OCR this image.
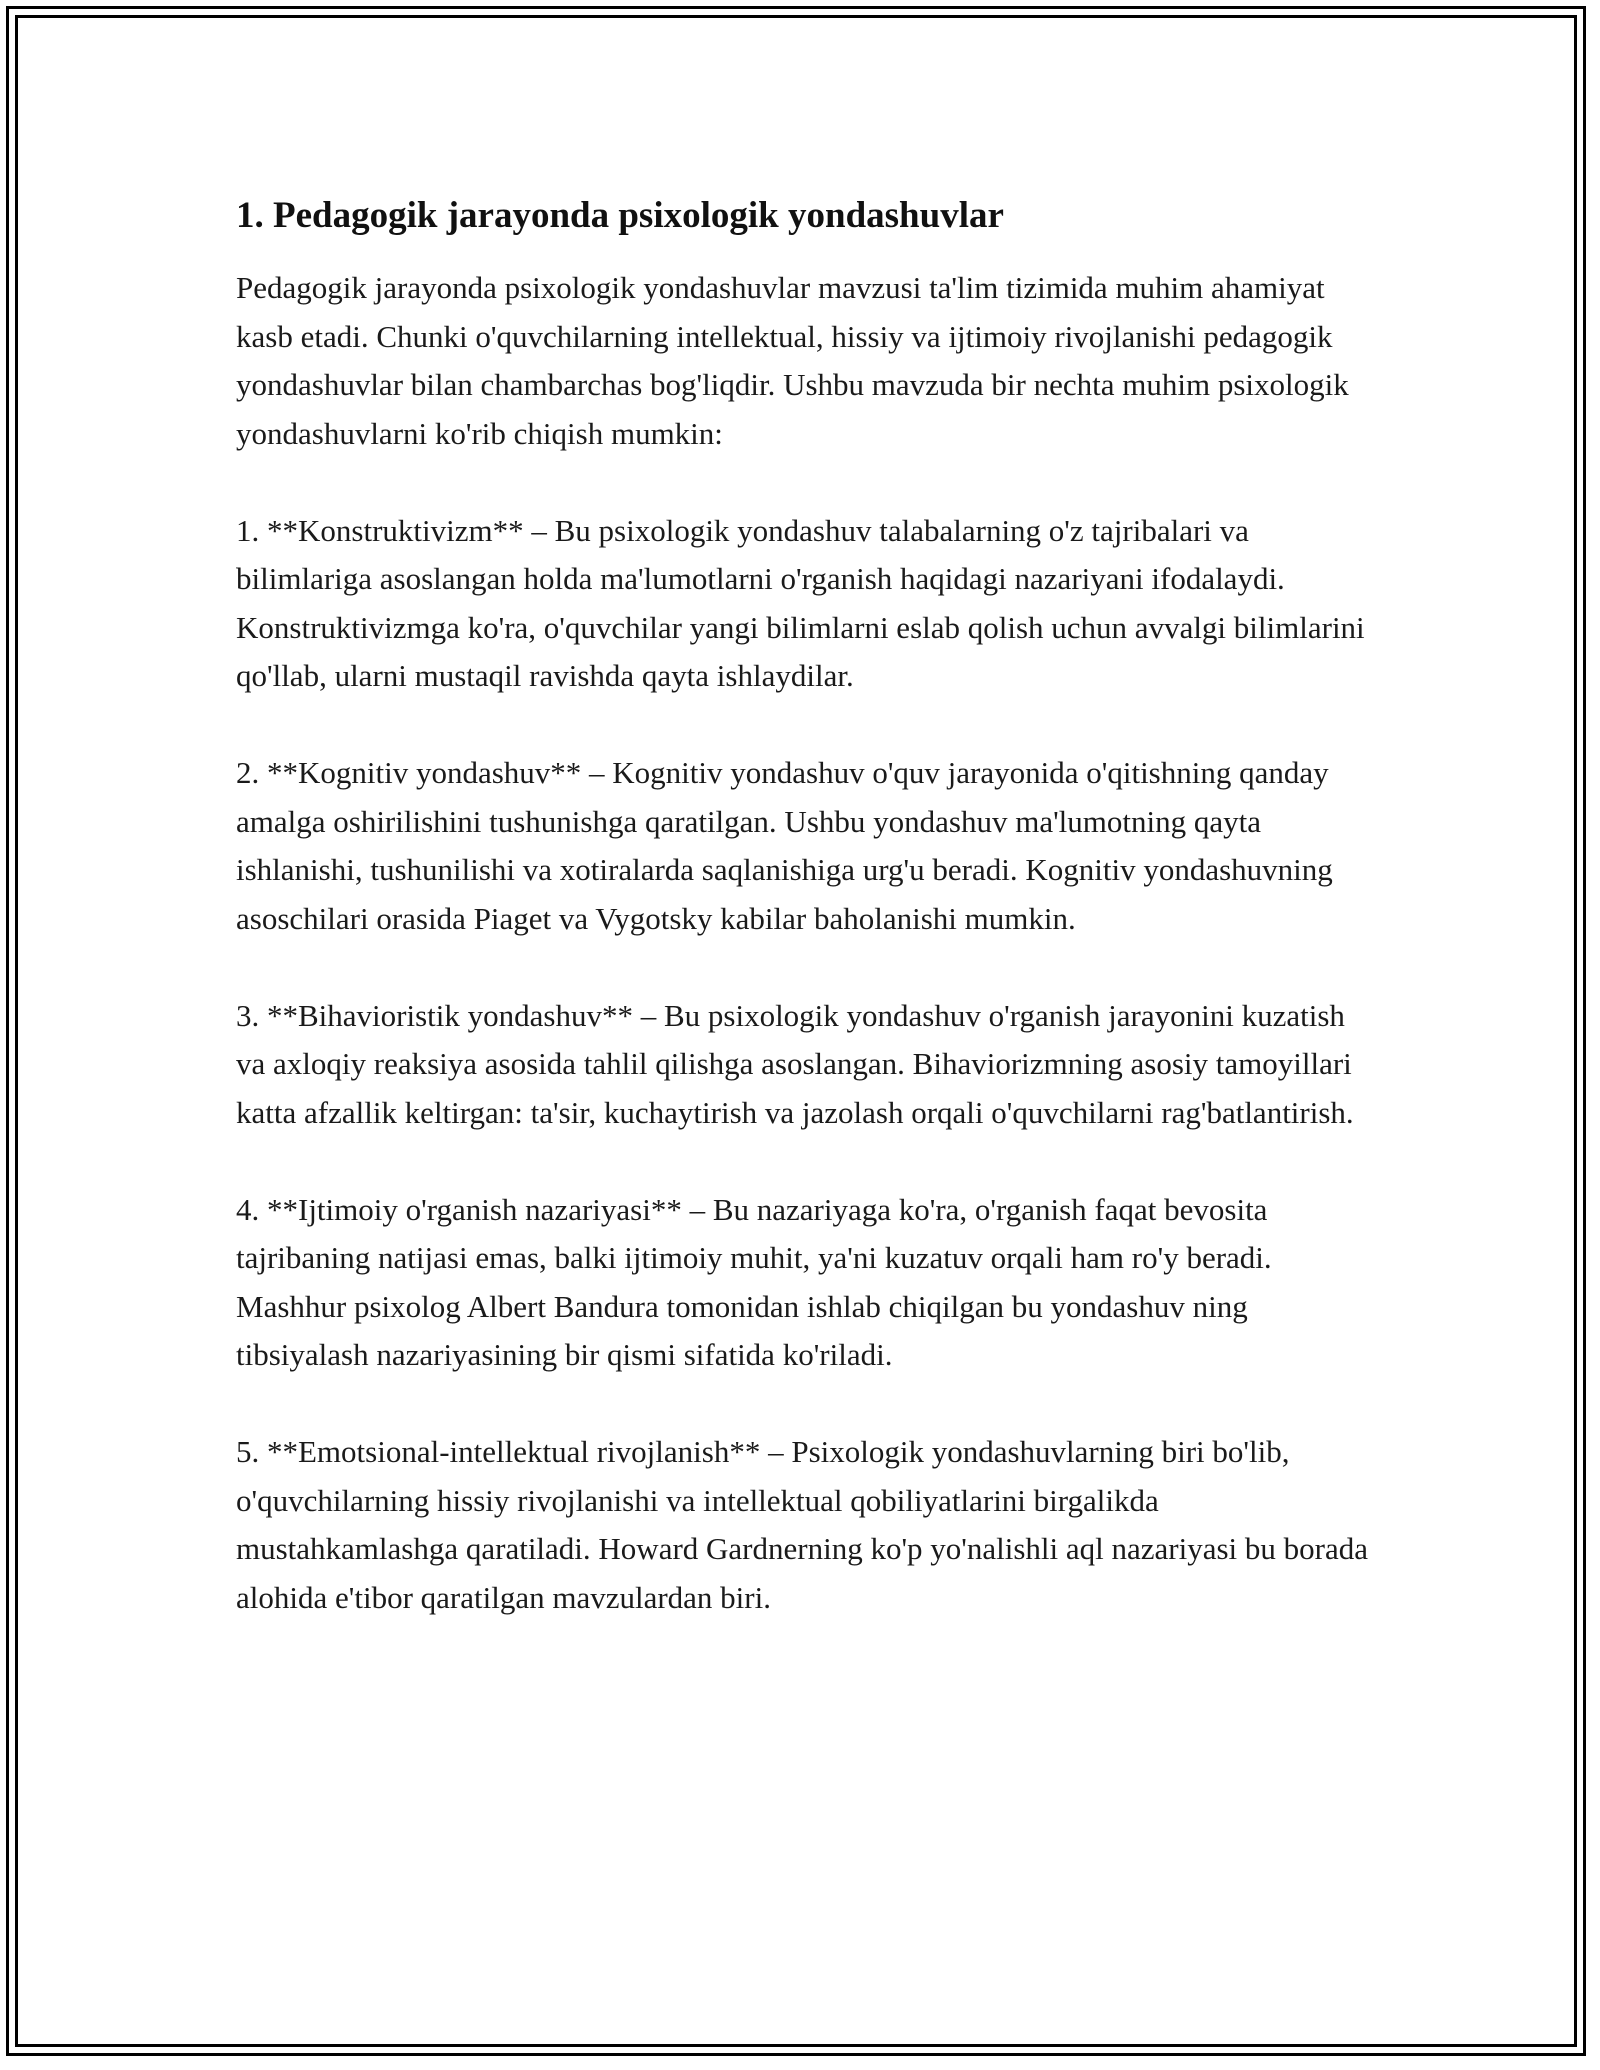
1. Pedagogik jarayonda psixologik yondashuvlar

Pedagogik jarayonda psixologik yondashuvlar mavzusi ta'lim tizimida muhim ahamiyat kasb etadi. Chunki o'quvchilarning intellektual, hissiy va ijtimoiy rivojlanishi pedagogik yondashuvlar bilan chambarchas bog'liqdir. Ushbu mavzuda bir nechta muhim psixologik yondashuvlarni ko'rib chiqish mumkin:

1. **Konstruktivizm** – Bu psixologik yondashuv talabalarning o'z tajribalari va bilimlariga asoslangan holda ma'lumotlarni o'rganish haqidagi nazariyani ifodalaydi. Konstruktivizmga ko'ra, o'quvchilar yangi bilimlarni eslab qolish uchun avvalgi bilimlarini qo'llab, ularni mustaqil ravishda qayta ishlaydilar.

2. **Kognitiv yondashuv** – Kognitiv yondashuv o'quv jarayonida o'qitishning qanday amalga oshirilishini tushunishga qaratilgan. Ushbu yondashuv ma'lumotning qayta ishlanishi, tushunilishi va xotiralarda saqlanishiga urg'u beradi. Kognitiv yondashuvning asoschilari orasida Piaget va Vygotsky kabilar baholanishi mumkin.

3. **Bihavioristik yondashuv** – Bu psixologik yondashuv o'rganish jarayonini kuzatish va axloqiy reaksiya asosida tahlil qilishga asoslangan. Bihaviorizmning asosiy tamoyillari katta afzallik keltirgan: ta'sir, kuchaytirish va jazolash orqali o'quvchilarni rag'batlantirish.

4. **Ijtimoiy o'rganish nazariyasi** – Bu nazariyaga ko'ra, o'rganish faqat bevosita tajribaning natijasi emas, balki ijtimoiy muhit, ya'ni kuzatuv orqali ham ro'y beradi. Mashhur psixolog Albert Bandura tomonidan ishlab chiqilgan bu yondashuv ning tibsiyalash nazariyasining bir qismi sifatida ko'riladi.

5. **Emotsional-intellektual rivojlanish** – Psixologik yondashuvlarning biri bo'lib, o'quvchilarning hissiy rivojlanishi va intellektual qobiliyatlarini birgalikda mustahkamlashga qaratiladi. Howard Gardnerning ko'p yo'nalishli aql nazariyasi bu borada alohida e'tibor qaratilgan mavzulardan biri.
